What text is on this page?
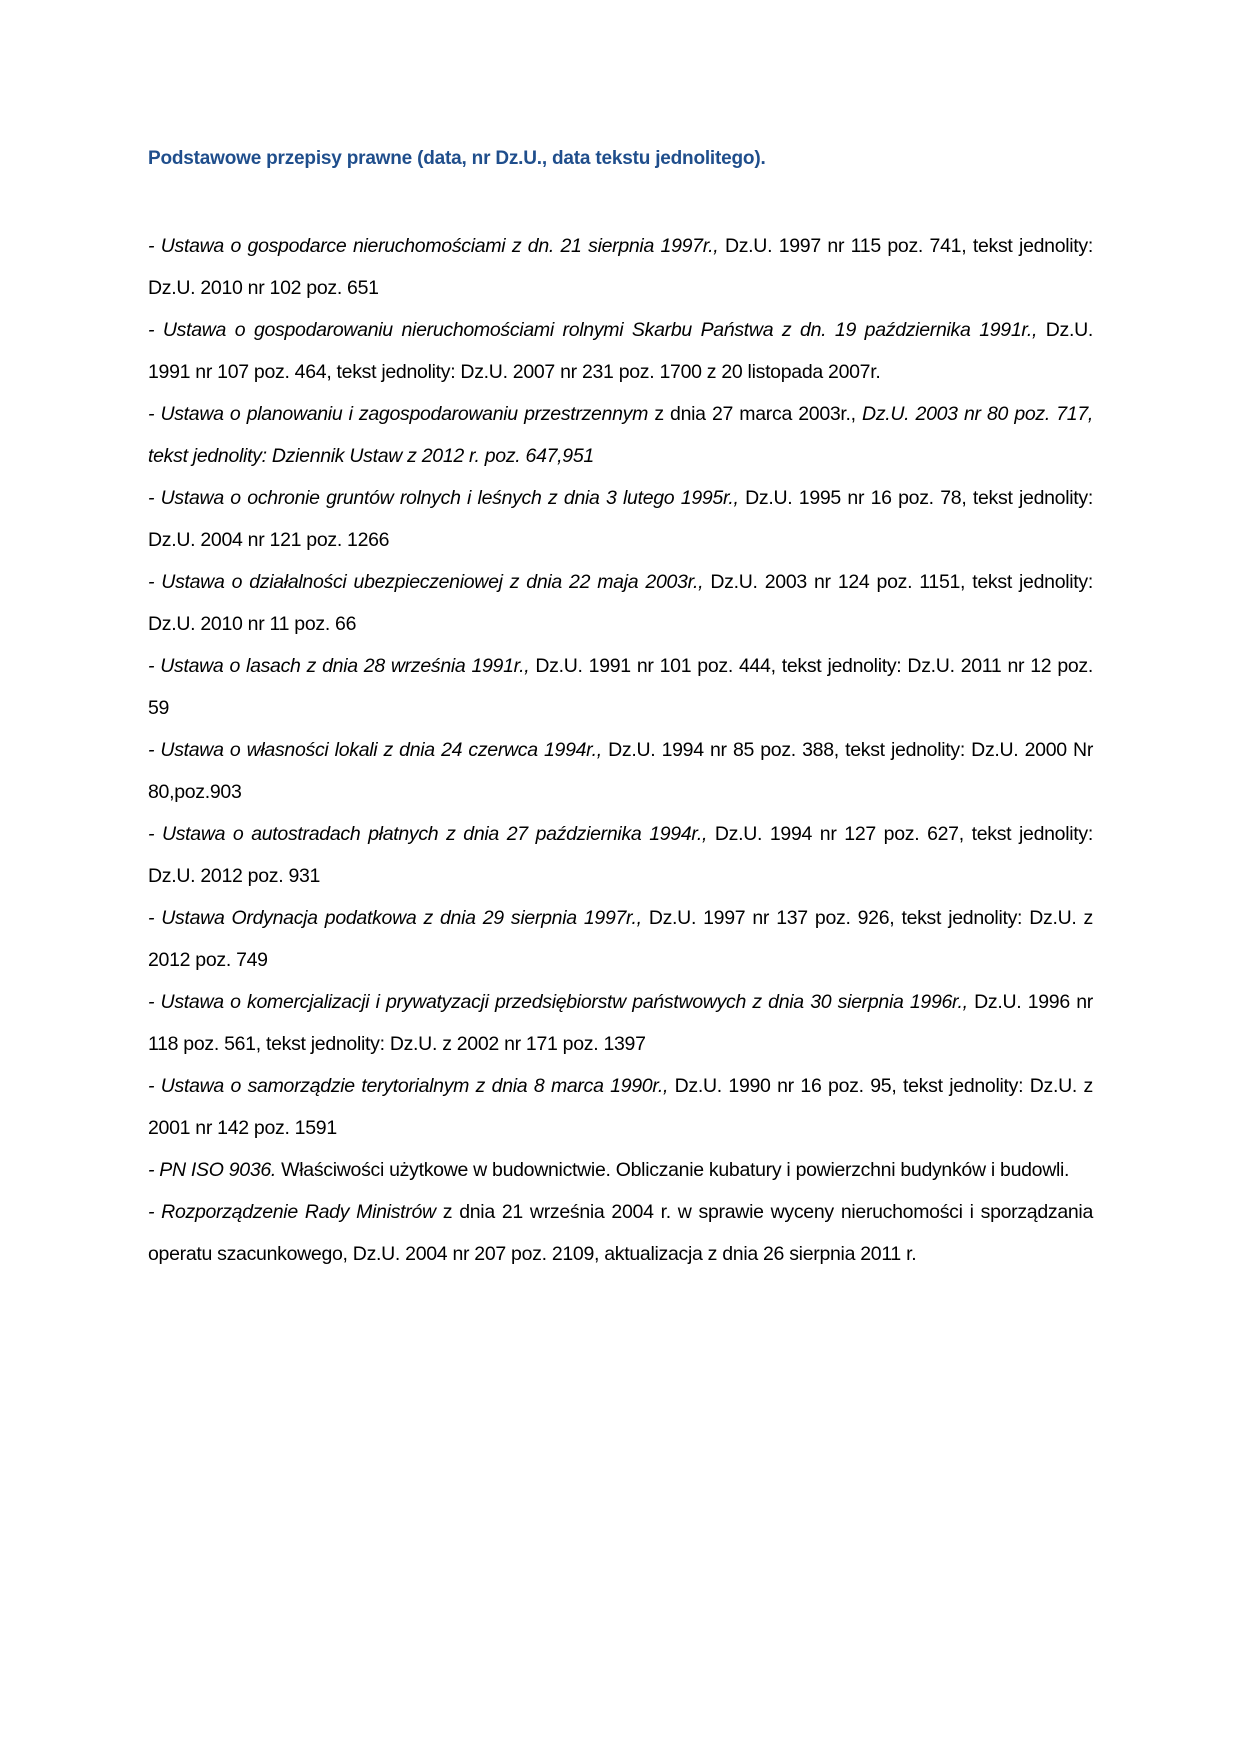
Podstawowe przepisy prawne (data, nr Dz.U., data tekstu jednolitego).

- Ustawa o gospodarce nieruchomościami z dn. 21 sierpnia 1997r., Dz.U. 1997 nr 115 poz. 741, tekst jednolity: Dz.U. 2010 nr 102 poz. 651

- Ustawa o gospodarowaniu nieruchomościami rolnymi Skarbu Państwa z dn. 19 października 1991r., Dz.U. 1991 nr 107 poz. 464, tekst jednolity: Dz.U. 2007 nr 231 poz. 1700 z 20 listopada 2007r.

- Ustawa o planowaniu i zagospodarowaniu przestrzennym z dnia 27 marca 2003r., Dz.U. 2003 nr 80 poz. 717, tekst jednolity: Dziennik Ustaw z 2012 r. poz. 647,951

- Ustawa o ochronie gruntów rolnych i leśnych z dnia 3 lutego 1995r., Dz.U. 1995 nr 16 poz. 78, tekst jednolity: Dz.U. 2004 nr 121 poz. 1266

- Ustawa o działalności ubezpieczeniowej z dnia 22 maja 2003r., Dz.U. 2003 nr 124 poz. 1151, tekst jednolity: Dz.U. 2010 nr 11 poz. 66

- Ustawa o lasach z dnia 28 września 1991r., Dz.U. 1991 nr 101 poz. 444, tekst jednolity: Dz.U. 2011 nr 12 poz. 59

- Ustawa o własności lokali z dnia 24 czerwca 1994r., Dz.U. 1994 nr 85 poz. 388, tekst jednolity: Dz.U. 2000 Nr 80,poz.903

- Ustawa o autostradach płatnych z dnia 27 października 1994r., Dz.U. 1994 nr 127 poz. 627, tekst jednolity: Dz.U. 2012 poz. 931

- Ustawa Ordynacja podatkowa z dnia 29 sierpnia 1997r., Dz.U. 1997 nr 137 poz. 926, tekst jednolity: Dz.U. z 2012 poz. 749

- Ustawa o komercjalizacji i prywatyzacji przedsiębiorstw państwowych z dnia 30 sierpnia 1996r., Dz.U. 1996 nr 118 poz. 561, tekst jednolity: Dz.U. z 2002 nr 171 poz. 1397

- Ustawa o samorządzie terytorialnym z dnia 8 marca 1990r., Dz.U. 1990 nr 16 poz. 95, tekst jednolity: Dz.U. z 2001 nr 142 poz. 1591

- PN ISO 9036. Właściwości użytkowe w budownictwie. Obliczanie kubatury i powierzchni budynków i budowli.

- Rozporządzenie Rady Ministrów z dnia 21 września 2004 r. w sprawie wyceny nieruchomości i sporządzania operatu szacunkowego, Dz.U. 2004 nr 207 poz. 2109, aktualizacja z dnia 26 sierpnia 2011 r.
